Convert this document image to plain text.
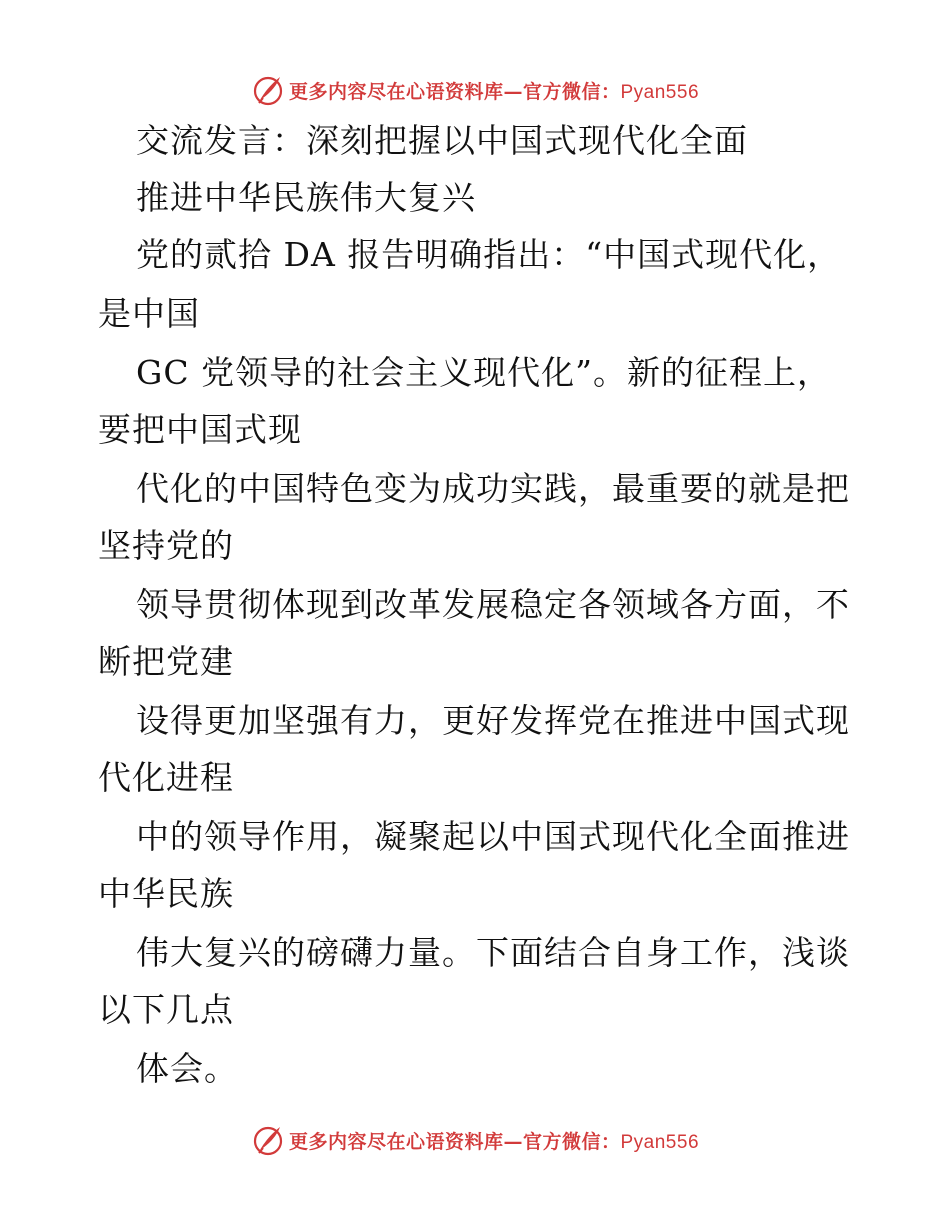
更多内容尽在心语资料库—官方微信：Pyan556
交流发言：深刻把握以中国式现代化全面
推进中华民族伟大复兴
党的贰拾 DA 报告明确指出：“中国式现代化，
是中国
GC 党领导的社会主义现代化”。新的征程上，
要把中国式现
代化的中国特色变为成功实践，最重要的就是把
坚持党的
领导贯彻体现到改革发展稳定各领域各方面，不
断把党建
设得更加坚强有力，更好发挥党在推进中国式现
代化进程
中的领导作用，凝聚起以中国式现代化全面推进
中华民族
伟大复兴的磅礴力量。下面结合自身工作，浅谈
以下几点
体会。
更多内容尽在心语资料库—官方微信：Pyan556
